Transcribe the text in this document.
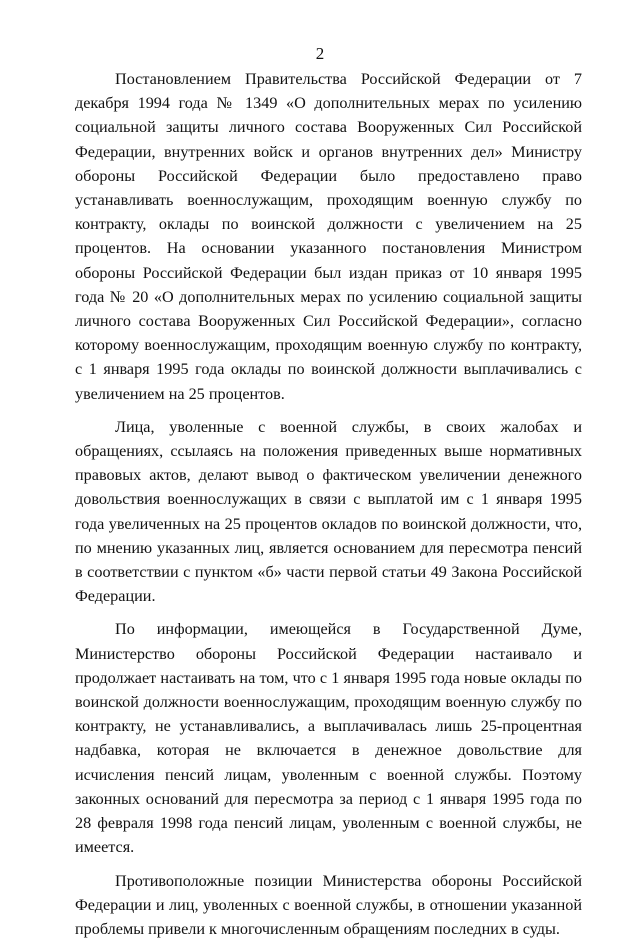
2

Постановлением Правительства Российской Федерации от 7 декабря 1994 года № 1349 «О дополнительных мерах по усилению социальной защиты личного состава Вооруженных Сил Российской Федерации, внутренних войск и органов внутренних дел» Министру обороны Российской Федерации было предоставлено право устанавливать военнослужащим, проходящим военную службу по контракту, оклады по воинской должности с увеличением на 25 процентов. На основании указанного постановления Министром обороны Российской Федерации был издан приказ от 10 января 1995 года № 20 «О дополнительных мерах по усилению социальной защиты личного состава Вооруженных Сил Российской Федерации», согласно которому военнослужащим, проходящим военную службу по контракту, с 1 января 1995 года оклады по воинской должности выплачивались с увеличением на 25 процентов.

Лица, уволенные с военной службы, в своих жалобах и обращениях, ссылаясь на положения приведенных выше нормативных правовых актов, делают вывод о фактическом увеличении денежного довольствия военнослужащих в связи с выплатой им с 1 января 1995 года увеличенных на 25 процентов окладов по воинской должности, что, по мнению указанных лиц, является основанием для пересмотра пенсий в соответствии с пунктом «б» части первой статьи 49 Закона Российской Федерации.

По информации, имеющейся в Государственной Думе, Министерство обороны Российской Федерации настаивало и продолжает настаивать на том, что с 1 января 1995 года новые оклады по воинской должности военнослужащим, проходящим военную службу по контракту, не устанавливались, а выплачивалась лишь 25-процентная надбавка, которая не включается в денежное довольствие для исчисления пенсий лицам, уволенным с военной службы. Поэтому законных оснований для пересмотра за период с 1 января 1995 года по 28 февраля 1998 года пенсий лицам, уволенным с военной службы, не имеется.

Противоположные позиции Министерства обороны Российской Федерации и лиц, уволенных с военной службы, в отношении указанной проблемы привели к многочисленным обращениям последних в суды.
